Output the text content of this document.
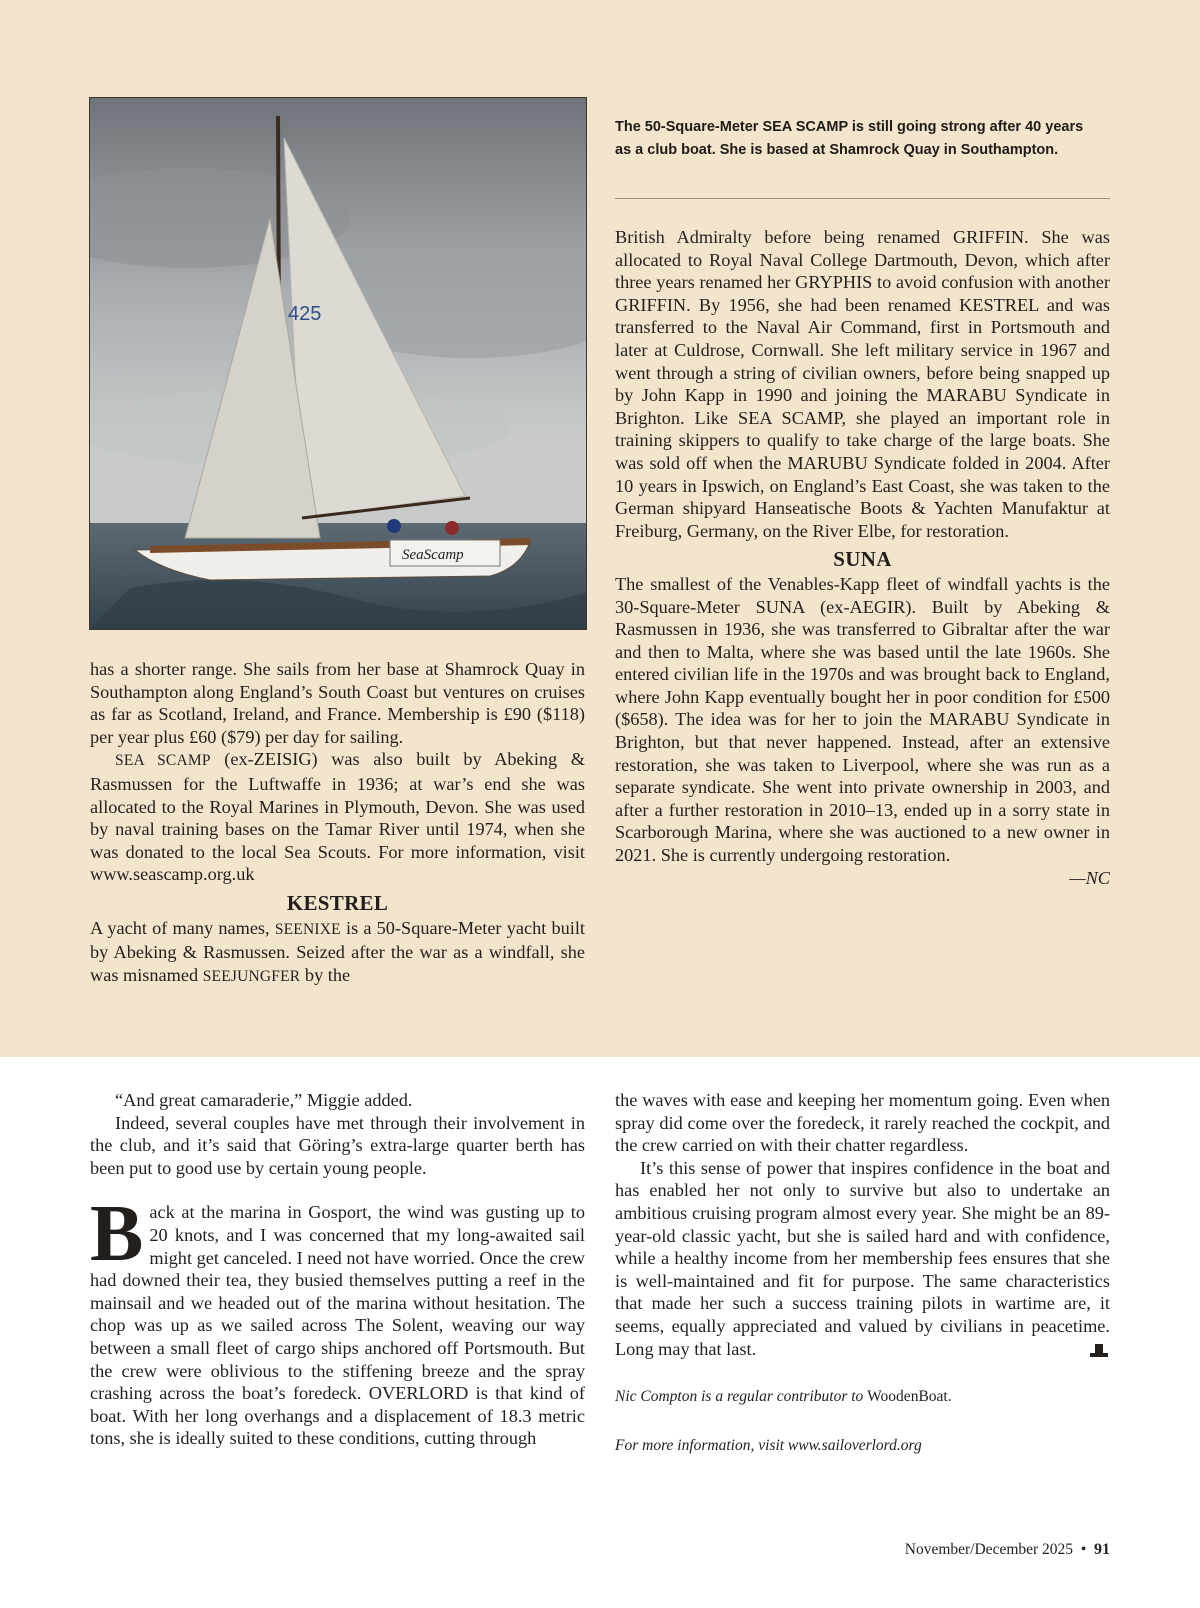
425
SeaScamp
The 50-Square-Meter SEA SCAMP is still going strong after 40 years as a club boat. She is based at Shamrock Quay in Southampton.

has a shorter range. She sails from her base at Shamrock Quay in Southampton along England’s South Coast but ventures on cruises as far as Scotland, Ireland, and France. Membership is £90 ($118) per year plus £60 ($79) per day for sailing.

SEA SCAMP (ex-ZEISIG) was also built by Abeking & Rasmussen for the Luftwaffe in 1936; at war’s end she was allocated to the Royal Marines in Plymouth, Devon. She was used by naval training bases on the Tamar River until 1974, when she was donated to the local Sea Scouts. For more information, visit www.seascamp.org.uk

KESTREL

A yacht of many names, SEENIXE is a 50-Square-Meter yacht built by Abeking & Rasmussen. Seized after the war as a windfall, she was misnamed SEEJUNGFER by the

British Admiralty before being renamed GRIFFIN. She was allocated to Royal Naval College Dartmouth, Devon, which after three years renamed her GRYPHIS to avoid confusion with another GRIFFIN. By 1956, she had been renamed KESTREL and was transferred to the Naval Air Command, first in Portsmouth and later at Culdrose, Cornwall. She left military service in 1967 and went through a string of civilian owners, before being snapped up by John Kapp in 1990 and joining the MARABU Syndicate in Brighton. Like SEA SCAMP, she played an important role in training skippers to qualify to take charge of the large boats. She was sold off when the MARUBU Syndicate folded in 2004. After 10 years in Ipswich, on England’s East Coast, she was taken to the German shipyard Hanseatische Boots & Yachten Manufaktur at Freiburg, Germany, on the River Elbe, for restoration.

SUNA

The smallest of the Venables-Kapp fleet of windfall yachts is the 30-Square-Meter SUNA (ex-AEGIR). Built by Abeking & Rasmussen in 1936, she was transferred to Gibraltar after the war and then to Malta, where she was based until the late 1960s. She entered civilian life in the 1970s and was brought back to England, where John Kapp eventually bought her in poor condition for £500 ($658). The idea was for her to join the MARABU Syndicate in Brighton, but that never happened. Instead, after an extensive restoration, she was taken to Liverpool, where she was run as a separate syndicate. She went into private ownership in 2003, and after a further restoration in 2010–13, ended up in a sorry state in Scarborough Marina, where she was auctioned to a new owner in 2021. She is currently undergoing restoration.

—NC

“And great camaraderie,” Miggie added.

Indeed, several couples have met through their involvement in the club, and it’s said that Göring’s extra-large quarter berth has been put to good use by certain young people.

Back at the marina in Gosport, the wind was gusting up to 20 knots, and I was concerned that my long-awaited sail might get canceled. I need not have worried. Once the crew had downed their tea, they busied themselves putting a reef in the mainsail and we headed out of the marina without hesitation. The chop was up as we sailed across The Solent, weaving our way between a small fleet of cargo ships anchored off Portsmouth. But the crew were oblivious to the stiffening breeze and the spray crashing across the boat’s foredeck. OVERLORD is that kind of boat. With her long overhangs and a displacement of 18.3 metric tons, she is ideally suited to these conditions, cutting through

the waves with ease and keeping her momentum going. Even when spray did come over the foredeck, it rarely reached the cockpit, and the crew carried on with their chatter regardless.

It’s this sense of power that inspires confidence in the boat and has enabled her not only to survive but also to undertake an ambitious cruising program almost every year. She might be an 89-year-old classic yacht, but she is sailed hard and with confidence, while a healthy income from her membership fees ensures that she is well-maintained and fit for purpose. The same characteristics that made her such a success training pilots in wartime are, it seems, equally appreciated and valued by civilians in peacetime. Long may that last.

Nic Compton is a regular contributor to WoodenBoat.

For more information, visit www.sailoverlord.org

November/December 2025 • 91
